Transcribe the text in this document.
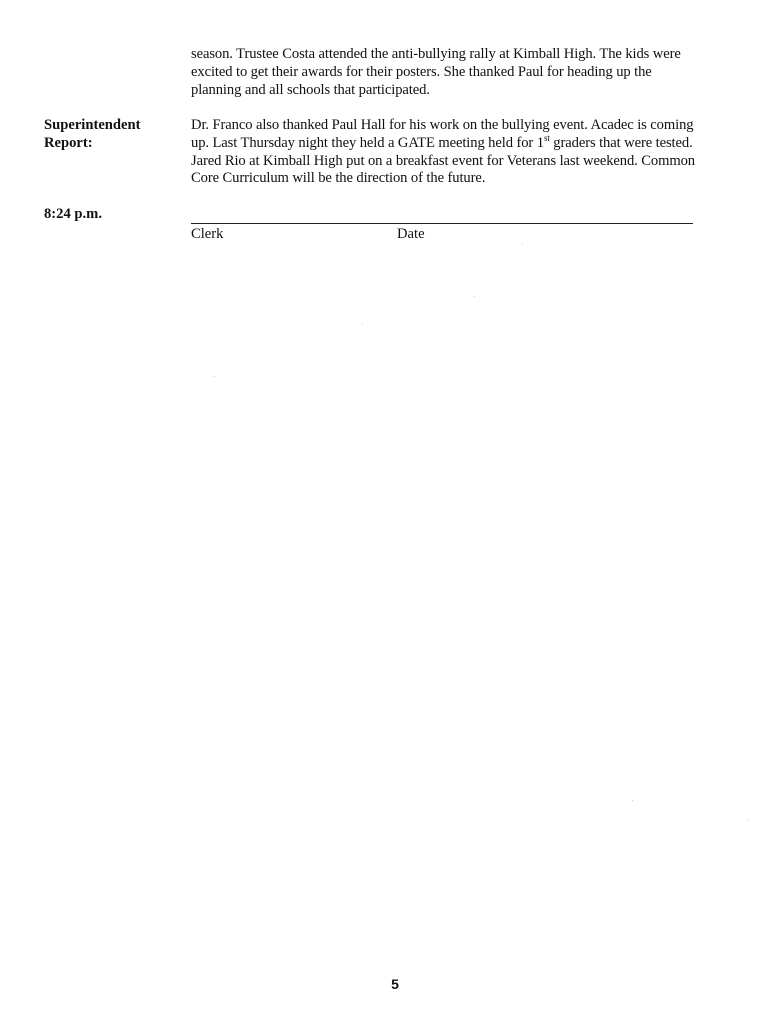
season. Trustee Costa attended the anti-bullying rally at Kimball High. The kids were excited to get their awards for their posters. She thanked Paul for heading up the planning and all schools that participated.
Superintendent Report:
Dr. Franco also thanked Paul Hall for his work on the bullying event. Acadec is coming up. Last Thursday night they held a GATE meeting held for 1st graders that were tested. Jared Rio at Kimball High put on a breakfast event for Veterans last weekend. Common Core Curriculum will be the direction of the future.
8:24 p.m.
Clerk	Date
5
